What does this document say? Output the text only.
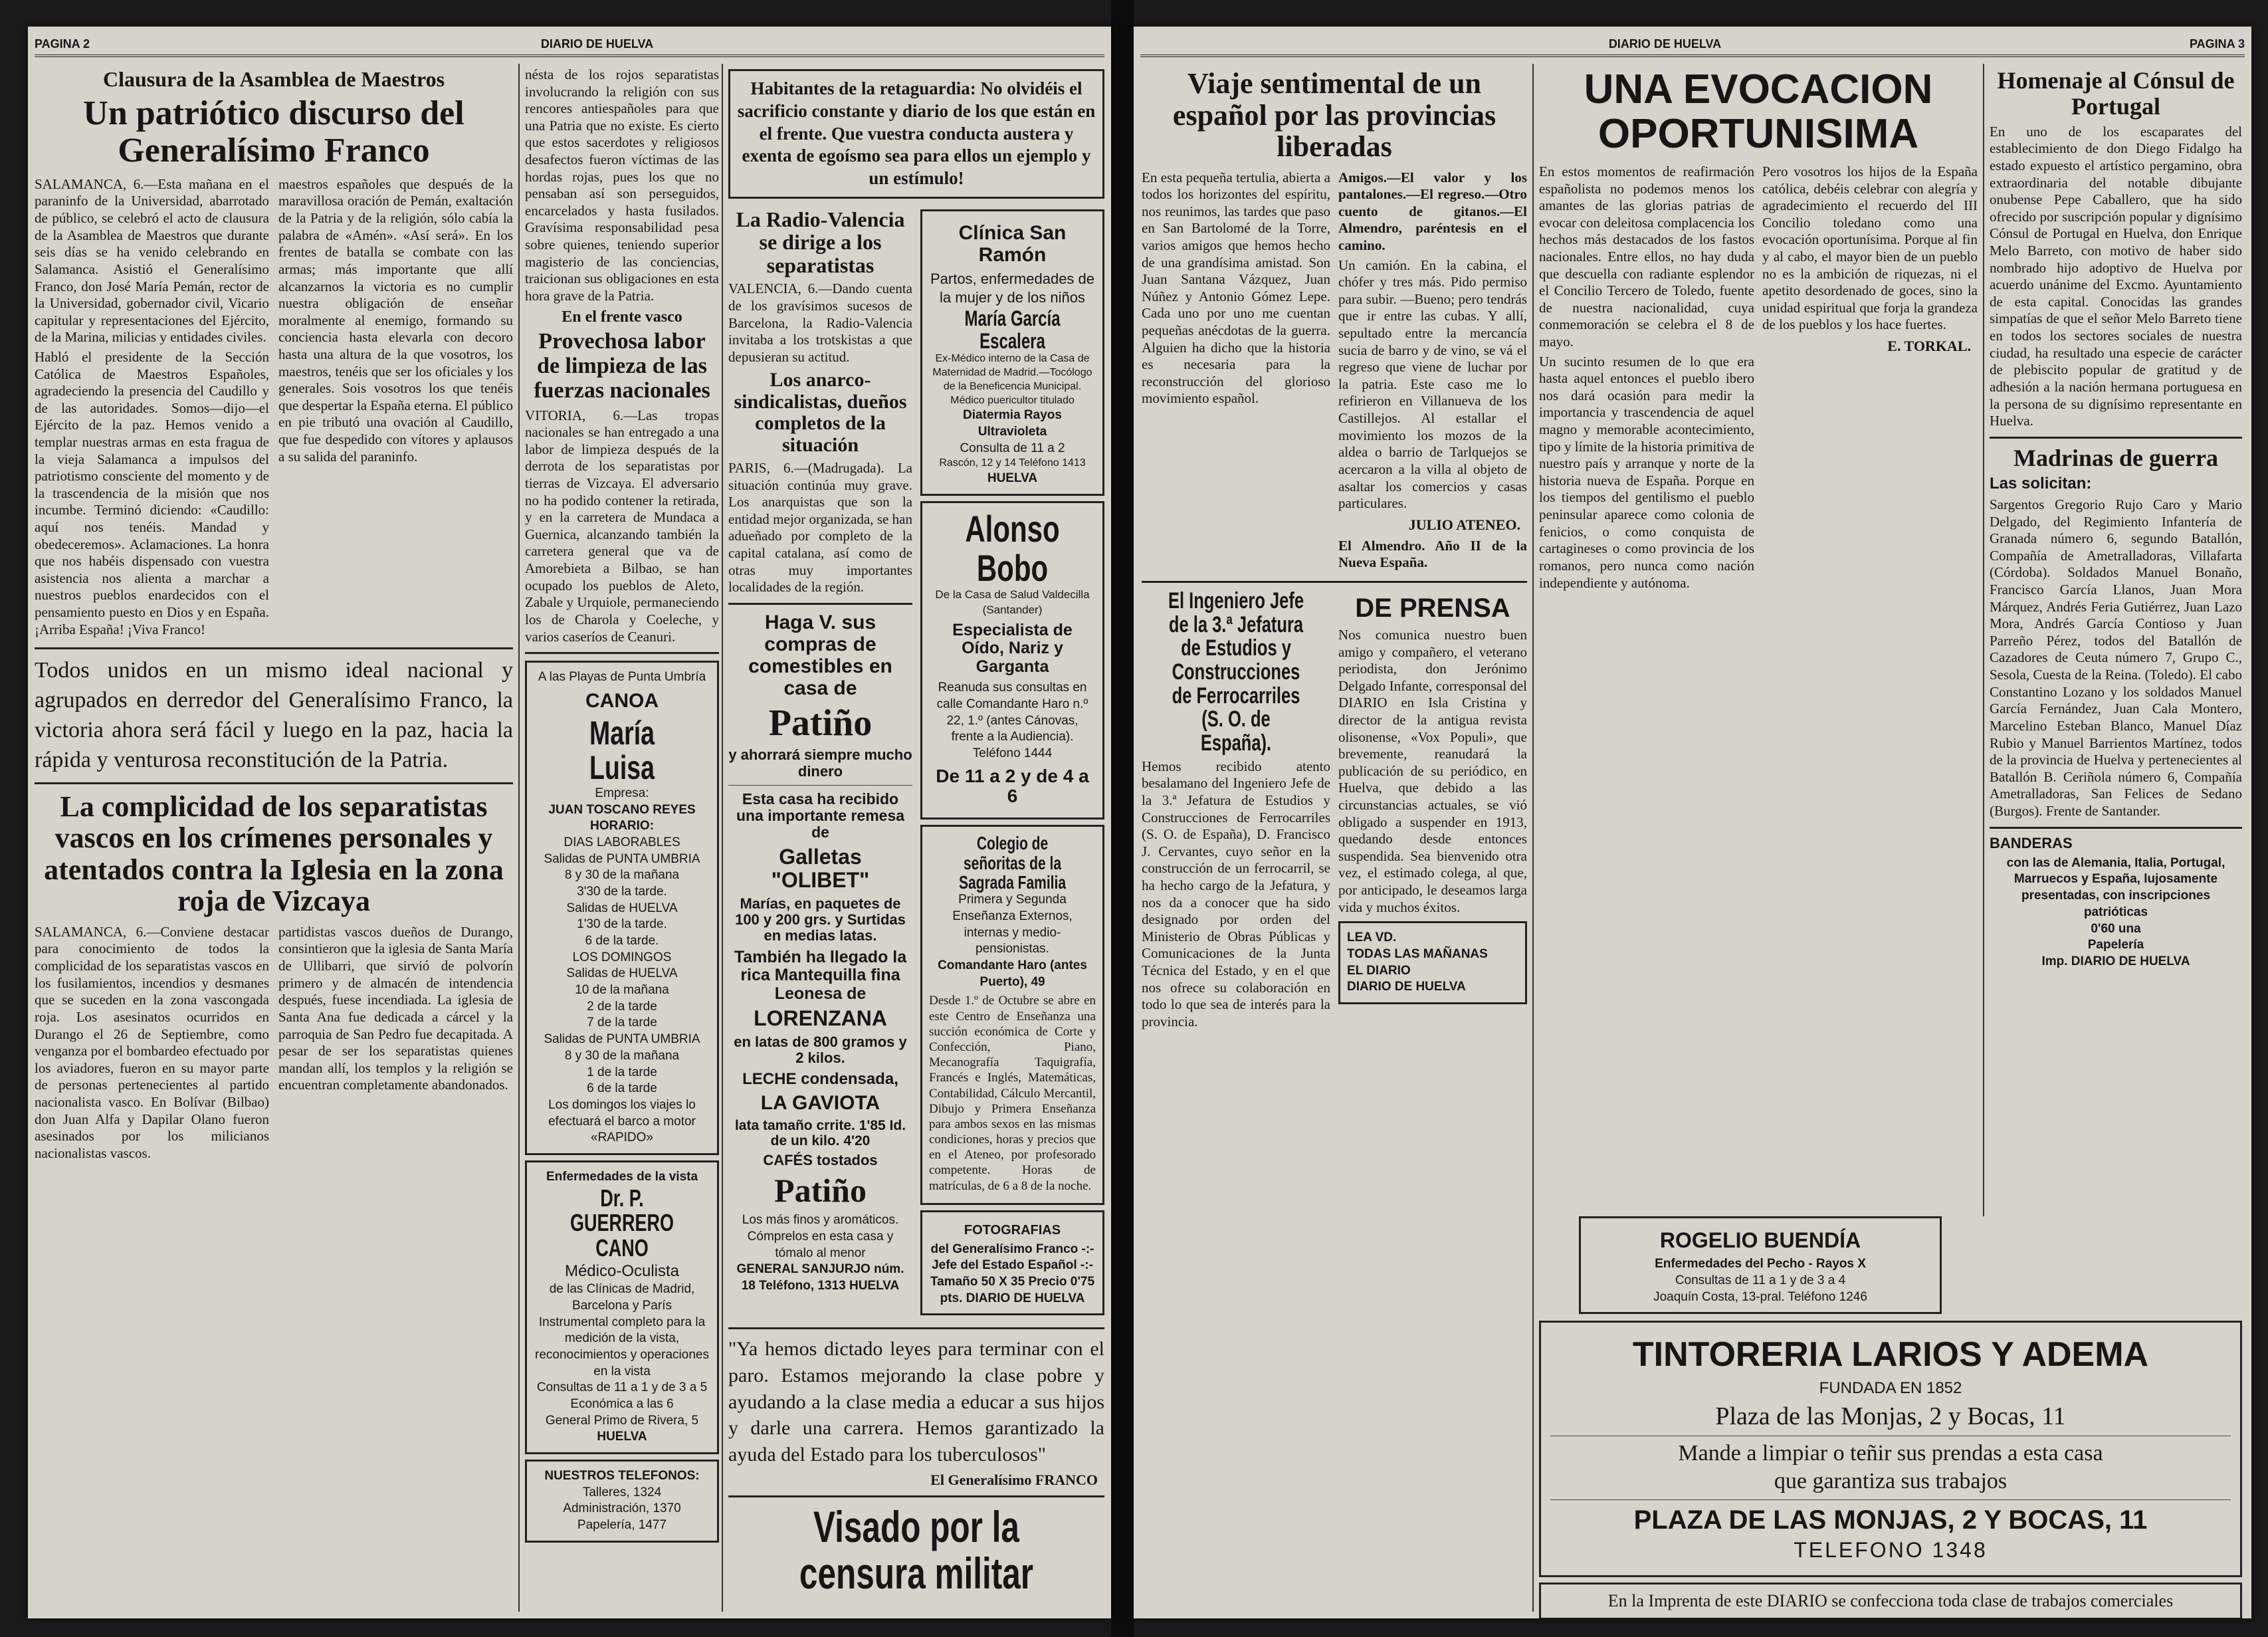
PAGINA 2	DIARIO DE HUELVA
Clausura de la Asamblea de Maestros
Un patriótico discurso del Generalísimo Franco

SALAMANCA, 6.—Esta mañana en el paraninfo de la Universidad, abarrotado de público, se celebró el acto de clausura de la Asamblea de Maestros que durante seis días se ha venido celebrando en Salamanca. Asistió el Generalísimo Franco, don José María Pemán, rector de la Universidad, gobernador civil, Vicario capitular y representaciones del Ejército, de la Marina, milicias y entidades civiles.

Habló el presidente de la Sección Católica de Maestros Españoles, agradeciendo la presencia del Caudillo y de las autoridades. Somos—dijo—el Ejército de la paz. Hemos venido a templar nuestras armas en esta fragua de la vieja Salamanca a impulsos del patriotismo consciente del momento y de la trascendencia de la misión que nos incumbe. Terminó diciendo: «Caudillo: aquí nos tenéis. Mandad y obedeceremos». Aclamaciones. La honra que nos habéis dispensado con vuestra asistencia nos alienta a marchar a nuestros pueblos enardecidos con el pensamiento puesto en Dios y en España. ¡Arriba España! ¡Viva Franco!

maestros españoles que después de la maravillosa oración de Pemán, exaltación de la Patria y de la religión, sólo cabía la palabra de «Amén». «Así será». En los frentes de batalla se combate con las armas; más importante que allí alcanzarnos la victoria es no cumplir nuestra obligación de enseñar moralmente al enemigo, formando su conciencia hasta elevarla con decoro hasta una altura de la que vosotros, los maestros, tenéis que ser los oficiales y los generales. Sois vosotros los que tenéis que despertar la España eterna. El público en pie tributó una ovación al Caudillo, que fue despedido con vítores y aplausos a su salida del paraninfo.

Todos unidos en un mismo ideal nacional y agrupados en derredor del Generalísimo Franco, la victoria ahora será fácil y luego en la paz, hacia la rápida y venturosa reconstitución de la Patria.

La complicidad de los separatistas vascos en los crímenes personales y atentados contra la Iglesia en la zona roja de Vizcaya

SALAMANCA, 6.—Conviene destacar para conocimiento de todos la complicidad de los separatistas vascos en los fusilamientos, incendios y desmanes que se suceden en la zona vascongada roja. Los asesinatos ocurridos en Durango el 26 de Septiembre, como venganza por el bombardeo efectuado por los aviadores, fueron en su mayor parte de personas pertenecientes al partido nacionalista vasco. En Bolívar (Bilbao) don Juan Alfa y Dapilar Olano fueron asesinados por los milicianos nacionalistas vascos.

partidistas vascos dueños de Durango, consintieron que la iglesia de Santa María de Ullibarri, que sirvió de polvorín primero y de almacén de intendencia después, fuese incendiada. La iglesia de Santa Ana fue dedicada a cárcel y la parroquia de San Pedro fue decapitada. A pesar de ser los separatistas quienes mandan allí, los templos y la religión se encuentran completamente abandonados.

nésta de los rojos separatistas involucrando la religión con sus rencores antiespañoles para que una Patria que no existe. Es cierto que estos sacerdotes y religiosos desafectos fueron víctimas de las hordas rojas, pues los que no pensaban así son perseguidos, encarcelados y hasta fusilados. Gravísima responsabilidad pesa sobre quienes, teniendo superior magisterio de las conciencias, traicionan sus obligaciones en esta hora grave de la Patria.

En el frente vasco
Provechosa labor de limpieza de las fuerzas nacionales

VITORIA, 6.—Las tropas nacionales se han entregado a una labor de limpieza después de la derrota de los separatistas por tierras de Vizcaya. El adversario no ha podido contener la retirada, y en la carretera de Mundaca a Guernica, alcanzando también la carretera general que va de Amorebieta a Bilbao, se han ocupado los pueblos de Aleto, Zabale y Urquiole, permaneciendo los de Charola y Coeleche, y varios caseríos de Ceanuri.

A las Playas de Punta Umbría
CANOA
María Luisa
Empresa:
JUAN TOSCANO REYES
HORARIO:
DIAS LABORABLES
Salidas de PUNTA UMBRIA
8 y 30 de la mañana
3'30 de la tarde.
Salidas de HUELVA
1'30 de la tarde.
6 de la tarde.
LOS DOMINGOS
Salidas de HUELVA
10 de la mañana
2 de la tarde
7 de la tarde
Salidas de PUNTA UMBRIA
8 y 30 de la mañana
1 de la tarde
6 de la tarde
Los domingos los viajes lo efectuará el barco a motor «RAPIDO»
Enfermedades de la vista
Dr. P. GUERRERO CANO
Médico-Oculista
de las Clínicas de Madrid, Barcelona y París
Instrumental completo para la medición de la vista, reconocimientos y operaciones en la vista
Consultas de 11 a 1 y de 3 a 5 Económica a las 6
General Primo de Rivera, 5
HUELVA
NUESTROS TELEFONOS:
Talleres, 1324
Administración, 1370
Papelería, 1477
Habitantes de la retaguardia: No olvidéis el sacrificio constante y diario de los que están en el frente. Que vuestra conducta austera y exenta de egoísmo sea para ellos un ejemplo y un estímulo!
La Radio-Valencia se dirige a los separatistas

VALENCIA, 6.—Dando cuenta de los gravísimos sucesos de Barcelona, la Radio-Valencia invitaba a los trotskistas a que depusieran su actitud.

Los anarco-sindicalistas, dueños completos de la situación

PARIS, 6.—(Madrugada). La situación continúa muy grave. Los anarquistas que son la entidad mejor organizada, se han adueñado por completo de la capital catalana, así como de otras muy importantes localidades de la región.

Haga V. sus compras de comestibles en casa de
Patiño
y ahorrará siempre mucho dinero
Esta casa ha recibido una importante remesa de
Galletas "OLIBET"
Marías, en paquetes de 100 y 200 grs. y Surtidas en medias latas.
También ha llegado la rica Mantequilla fina Leonesa de
LORENZANA
en latas de 800 gramos y 2 kilos.
LECHE condensada,
LA GAVIOTA
lata tamaño crrite. 1'85 Id. de un kilo. 4'20
CAFÉS tostados
Patiño
Los más finos y aromáticos. Cómprelos en esta casa y tómalo al menor
GENERAL SANJURJO núm. 18 Teléfono, 1313 HUELVA
Clínica San Ramón
Partos, enfermedades de la mujer y de los niños
María García Escalera
Ex-Médico interno de la Casa de Maternidad de Madrid.—Tocólogo de la Beneficencia Municipal. Médico puericultor titulado
Diatermia Rayos Ultravioleta
Consulta de 11 a 2
Rascón, 12 y 14 Teléfono 1413
HUELVA
Alonso Bobo
De la Casa de Salud Valdecilla (Santander)
Especialista de Oído, Nariz y Garganta
Reanuda sus consultas en calle Comandante Haro n.º 22, 1.º (antes Cánovas, frente a la Audiencia). Teléfono 1444
De 11 a 2 y de 4 a 6
Colegio de señoritas de la Sagrada Familia
Primera y Segunda Enseñanza Externos, internas y medio-pensionistas.
Comandante Haro (antes Puerto), 49

Desde 1.º de Octubre se abre en este Centro de Enseñanza una succión económica de Corte y Confección, Piano, Mecanografía Taquigrafía, Francés e Inglés, Matemáticas, Contabilidad, Cálculo Mercantil, Dibujo y Primera Enseñanza para ambos sexos en las mismas condiciones, horas y precios que en el Ateneo, por profesorado competente. Horas de matrículas, de 6 a 8 de la noche.

FOTOGRAFIAS
del Generalísimo Franco -:- Jefe del Estado Español -:- Tamaño 50 X 35 Precio 0'75 pts. DIARIO DE HUELVA

"Ya hemos dictado leyes para terminar con el paro. Estamos mejorando la clase pobre y ayudando a la clase media a educar a sus hijos y darle una carrera. Hemos garantizado la ayuda del Estado para los tuberculosos"

El Generalísimo FRANCO
Visado por la censura militar
DIARIO DE HUELVA	PAGINA 3
Viaje sentimental de un español por las provincias liberadas

En esta pequeña tertulia, abierta a todos los horizontes del espíritu, nos reunimos, las tardes que paso en San Bartolomé de la Torre, varios amigos que hemos hecho de una grandísima amistad. Son Juan Santana Vázquez, Juan Núñez y Antonio Gómez Lepe. Cada uno por uno me cuentan pequeñas anécdotas de la guerra. Alguien ha dicho que la historia es necesaria para la reconstrucción del glorioso movimiento español.

Amigos.—El valor y los pantalones.—El regreso.—Otro cuento de gitanos.—El Almendro, paréntesis en el camino.

Un camión. En la cabina, el chófer y tres más. Pido permiso para subir. —Bueno; pero tendrás que ir entre las cubas. Y allí, sepultado entre la mercancía sucia de barro y de vino, se vá el regreso que viene de luchar por la patria. Este caso me lo refirieron en Villanueva de los Castillejos. Al estallar el movimiento los mozos de la aldea o barrio de Tarlquejos se acercaron a la villa al objeto de asaltar los comercios y casas particulares.

JULIO ATENEO.
El Almendro. Año II de la Nueva España.
El Ingeniero Jefe de la 3.ª Jefatura de Estudios y Construcciones de Ferrocarriles (S. O. de España).

Hemos recibido atento besalamano del Ingeniero Jefe de la 3.ª Jefatura de Estudios y Construcciones de Ferrocarriles (S. O. de España), D. Francisco J. Cervantes, cuyo señor en la construcción de un ferrocarril, se ha hecho cargo de la Jefatura, y nos da a conocer que ha sido designado por orden del Ministerio de Obras Públicas y Comunicaciones de la Junta Técnica del Estado, y en el que nos ofrece su colaboración en todo lo que sea de interés para la provincia.

DE PRENSA

Nos comunica nuestro buen amigo y compañero, el veterano periodista, don Jerónimo Delgado Infante, corresponsal del DIARIO en Isla Cristina y director de la antigua revista olisonense, «Vox Populi», que brevemente, reanudará la publicación de su periódico, en Huelva, que debido a las circunstancias actuales, se vió obligado a suspender en 1913, quedando desde entonces suspendida. Sea bienvenido otra vez, el estimado colega, al que, por anticipado, le deseamos larga vida y muchos éxitos.

LEA VD.
TODAS LAS MAÑANAS
EL DIARIO
DIARIO DE HUELVA
UNA EVOCACION OPORTUNISIMA

En estos momentos de reafirmación españolista no podemos menos los amantes de las glorias patrias de evocar con deleitosa complacencia los hechos más destacados de los fastos nacionales. Entre ellos, no hay duda que descuella con radiante esplendor el Concilio Tercero de Toledo, fuente de nuestra nacionalidad, cuya conmemoración se celebra el 8 de mayo.

Un sucinto resumen de lo que era hasta aquel entonces el pueblo ibero nos dará ocasión para medir la importancia y trascendencia de aquel magno y memorable acontecimiento, tipo y límite de la historia primitiva de nuestro país y arranque y norte de la historia nueva de España. Porque en los tiempos del gentilismo el pueblo peninsular aparece como colonia de fenicios, o como conquista de cartagineses o como provincia de los romanos, pero nunca como nación independiente y autónoma.

Pero vosotros los hijos de la España católica, debéis celebrar con alegría y agradecimiento el recuerdo del III Concilio toledano como una evocación oportunísima. Porque al fin y al cabo, el mayor bien de un pueblo no es la ambición de riquezas, ni el apetito desordenado de goces, sino la unidad espiritual que forja la grandeza de los pueblos y los hace fuertes.

E. TORKAL.
Homenaje al Cónsul de Portugal

En uno de los escaparates del establecimiento de don Diego Fidalgo ha estado expuesto el artístico pergamino, obra extraordinaria del notable dibujante onubense Pepe Caballero, que ha sido ofrecido por suscripción popular y dignísimo Cónsul de Portugal en Huelva, don Enrique Melo Barreto, con motivo de haber sido nombrado hijo adoptivo de Huelva por acuerdo unánime del Excmo. Ayuntamiento de esta capital. Conocidas las grandes simpatías de que el señor Melo Barreto tiene en todos los sectores sociales de nuestra ciudad, ha resultado una especie de carácter de plebiscito popular de gratitud y de adhesión a la nación hermana portuguesa en la persona de su dignísimo representante en Huelva.

Madrinas de guerra
Las solicitan:

Sargentos Gregorio Rujo Caro y Mario Delgado, del Regimiento Infantería de Granada número 6, segundo Batallón, Compañía de Ametralladoras, Villafarta (Córdoba). Soldados Manuel Bonaño, Francisco García Llanos, Juan Mora Márquez, Andrés Feria Gutiérrez, Juan Lazo Mora, Andrés García Contioso y Juan Parreño Pérez, todos del Batallón de Cazadores de Ceuta número 7, Grupo C., Sesola, Cuesta de la Reina. (Toledo). El cabo Constantino Lozano y los soldados Manuel García Fernández, Juan Cala Montero, Marcelino Esteban Blanco, Manuel Díaz Rubio y Manuel Barrientos Martínez, todos de la provincia de Huelva y pertenecientes al Batallón B. Ceriñola número 6, Compañía Ametralladoras, San Felices de Sedano (Burgos). Frente de Santander.

BANDERAS
con las de Alemania, Italia, Portugal, Marruecos y España, lujosamente presentadas, con inscripciones patrióticas
0'60 una
Papelería
Imp. DIARIO DE HUELVA
ROGELIO BUENDÍA
Enfermedades del Pecho - Rayos X
Consultas de 11 a 1 y de 3 a 4
Joaquín Costa, 13-pral. Teléfono 1246
TINTORERIA LARIOS Y ADEMA
FUNDADA EN 1852
Plaza de las Monjas, 2 y Bocas, 11
Mande a limpiar o teñir sus prendas a esta casa
que garantiza sus trabajos
PLAZA DE LAS MONJAS, 2 Y BOCAS, 11
TELEFONO 1348
En la Imprenta de este DIARIO se confecciona toda clase de trabajos comerciales
